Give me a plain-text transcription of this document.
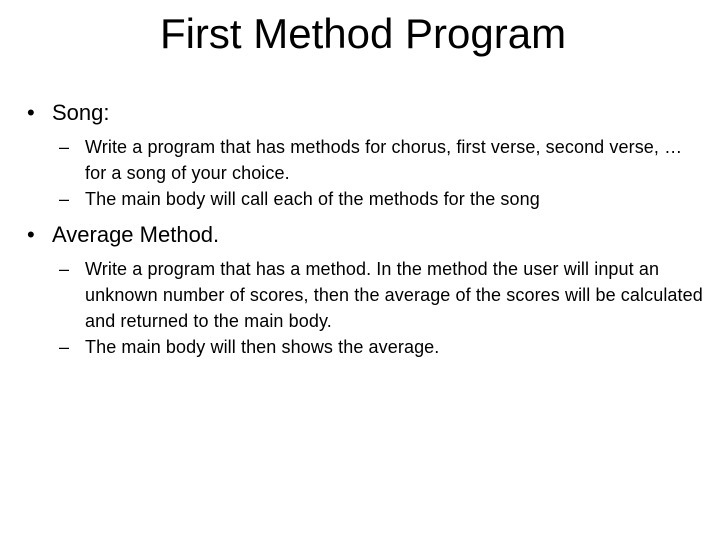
First Method Program
• Song:
– Write a program that has methods for chorus, first verse, second verse, … for a song of your choice.
– The main body will call each of the methods for the song
• Average Method.
– Write a program that has a method. In the method the user will input an unknown number of scores, then the average of the scores will be calculated and returned to the main body.
– The main body will then shows the average.
